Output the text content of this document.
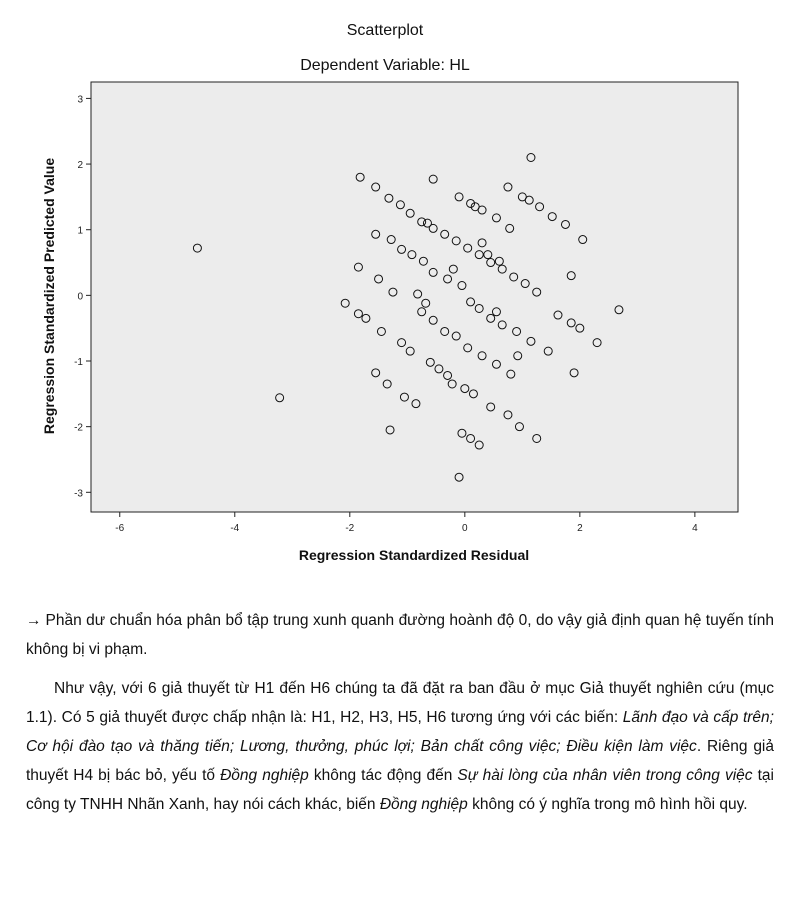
Scatterplot
Dependent Variable: HL
3
2
1
0
-1
-2
-3
-6	-4	-2	0	2	4
Regression Standardized Residual
Regression Standardized Predicted Value

→ Phần dư chuẩn hóa phân bổ tập trung xunh quanh đường hoành độ 0, do vậy giả định quan hệ tuyến tính không bị vi phạm.

Như vậy, với 6 giả thuyết từ H1 đến H6 chúng ta đã đặt ra ban đầu ở mục Giả thuyết nghiên cứu (mục 1.1). Có 5 giả thuyết được chấp nhận là: H1, H2, H3, H5, H6 tương ứng với các biến: Lãnh đạo và cấp trên; Cơ hội đào tạo và thăng tiến; Lương, thưởng, phúc lợi; Bản chất công việc; Điều kiện làm việc. Riêng giả thuyết H4 bị bác bỏ, yếu tố Đồng nghiệp không tác động đến Sự hài lòng của nhân viên trong công việc tại công ty TNHH Nhãn Xanh, hay nói cách khác, biến Đồng nghiệp không có ý nghĩa trong mô hình hồi quy.
